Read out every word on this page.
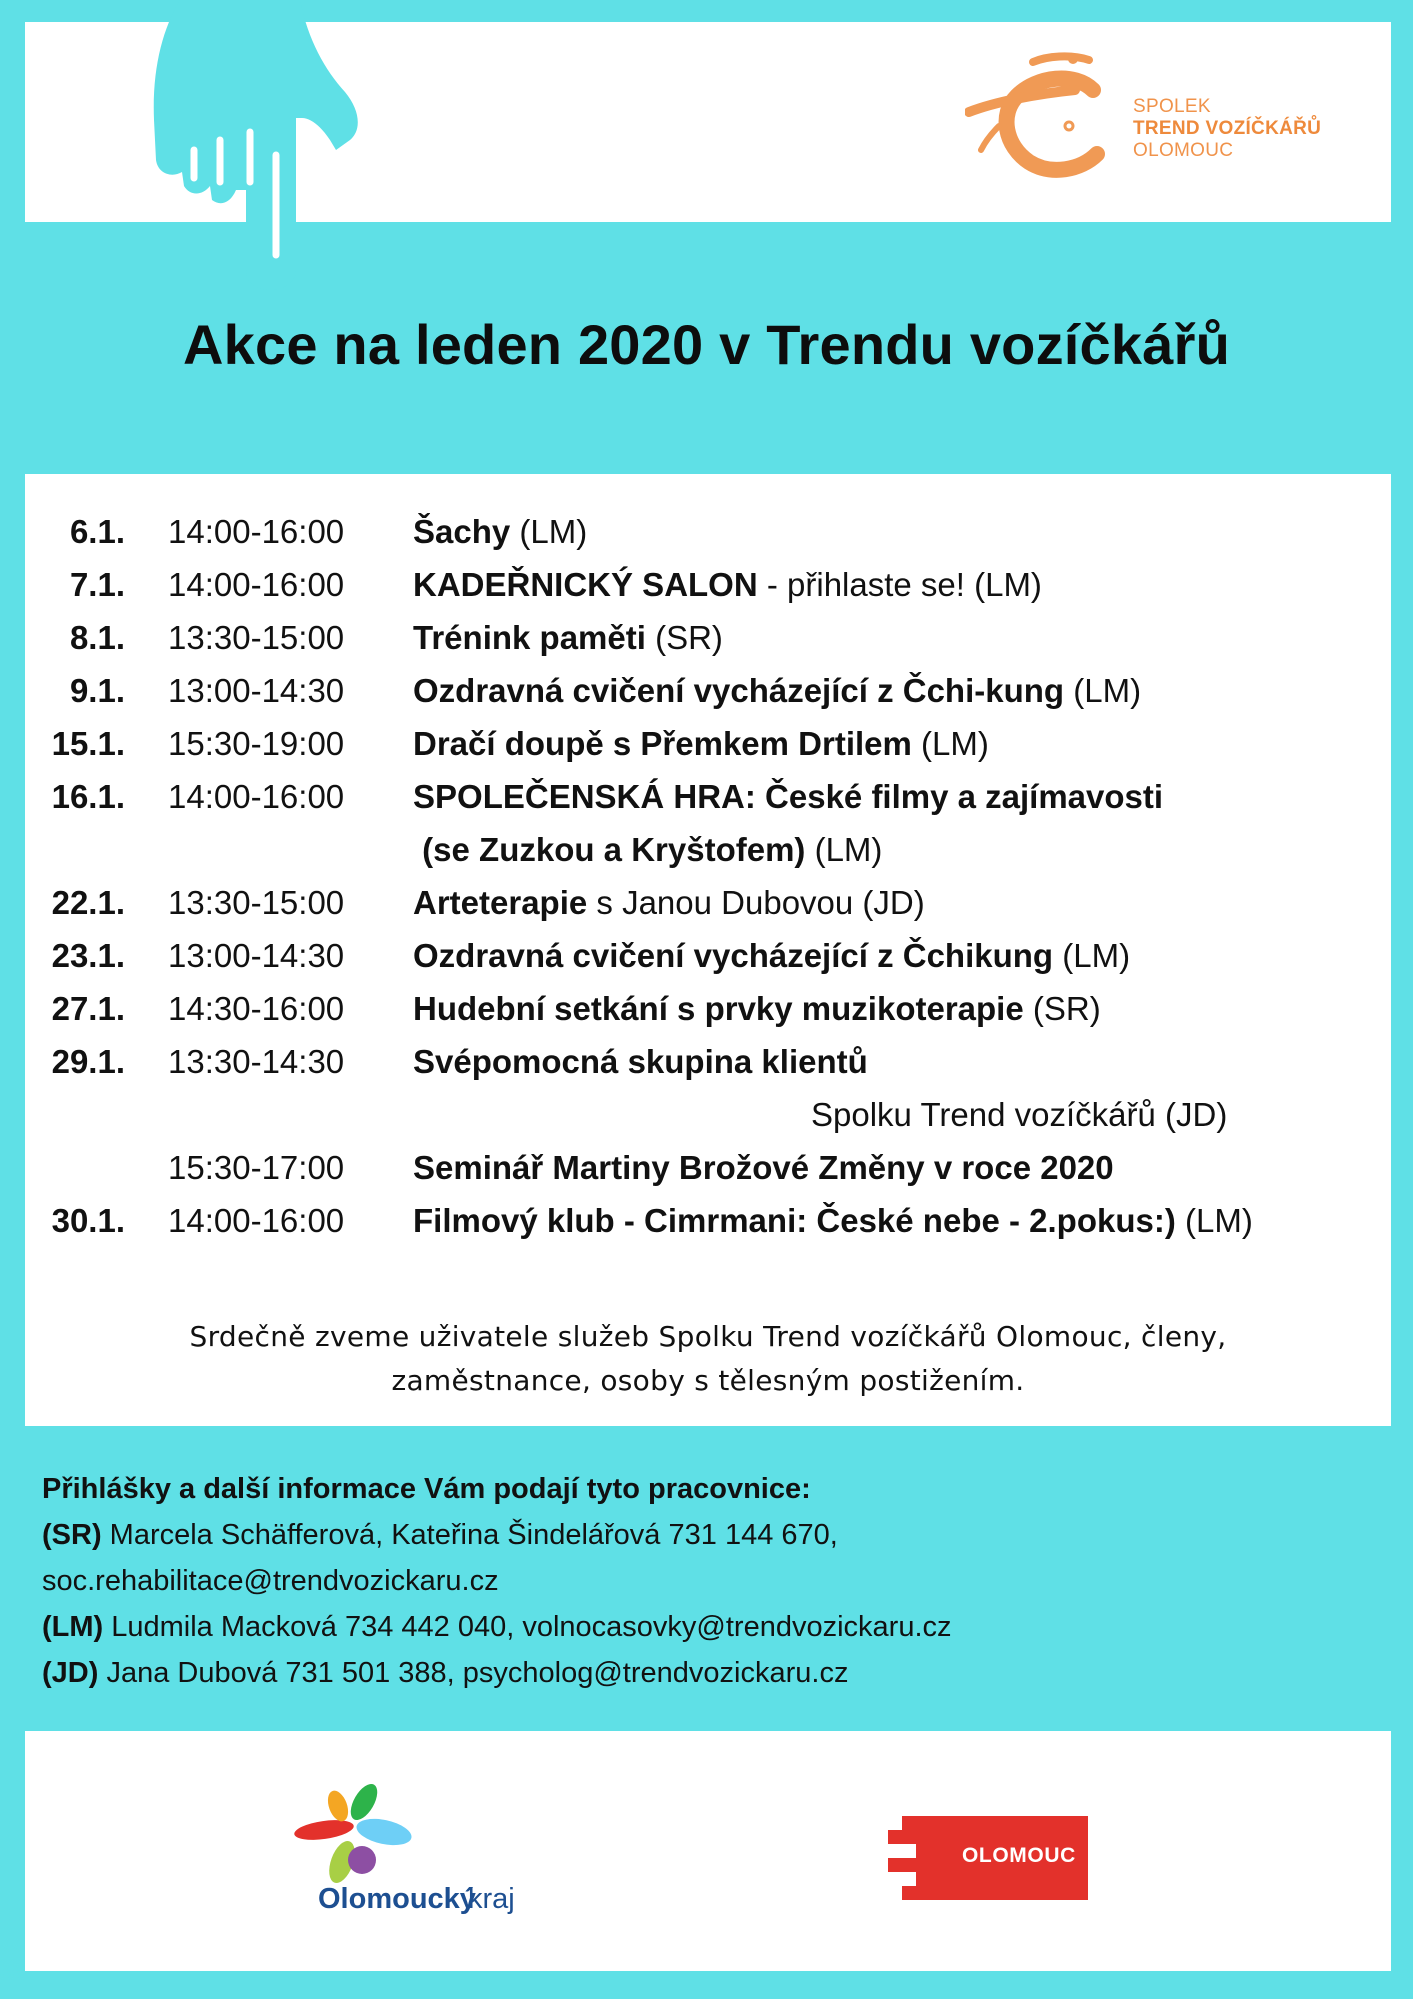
SPOLEK
TREND VOZÍČKÁŘŮ
OLOMOUC
Akce na leden 2020 v Trendu vozíčkářů
6.1. 14:00-16:00 Šachy (LM)
7.1. 14:00-16:00 KADEŘNICKÝ SALON - přihlaste se! (LM)
8.1. 13:30-15:00 Trénink paměti (SR)
9.1. 13:00-14:30 Ozdravná cvičení vycházející z Čchi-kung (LM)
15.1. 15:30-19:00 Dračí doupě s Přemkem Drtilem (LM)
16.1. 14:00-16:00 SPOLEČENSKÁ HRA: České filmy a zajímavosti
(se Zuzkou a Kryštofem) (LM)
22.1. 13:30-15:00 Arteterapie s Janou Dubovou (JD)
23.1. 13:00-14:30 Ozdravná cvičení vycházející z Čchikung (LM)
27.1. 14:30-16:00 Hudební setkání s prvky muzikoterapie (SR)
29.1. 13:30-14:30 Svépomocná skupina klientů
Spolku Trend vozíčkářů (JD)
15:30-17:00 Seminář Martiny Brožové Změny v roce 2020
30.1. 14:00-16:00 Filmový klub - Cimrmani: České nebe - 2.pokus:) (LM)
Srdečně zveme uživatele služeb Spolku Trend vozíčkářů Olomouc, členy,
zaměstnance, osoby s tělesným postižením.
Přihlášky a další informace Vám podají tyto pracovnice:
(SR) Marcela Schäfferová, Kateřina Šindelářová 731 144 670,
soc.rehabilitace@trendvozickaru.cz
(LM) Ludmila Macková 734 442 040, volnocasovky@trendvozickaru.cz
(JD) Jana Dubová 731 501 388, psycholog@trendvozickaru.cz
Olomoucký
kraj
OLOMOUC
